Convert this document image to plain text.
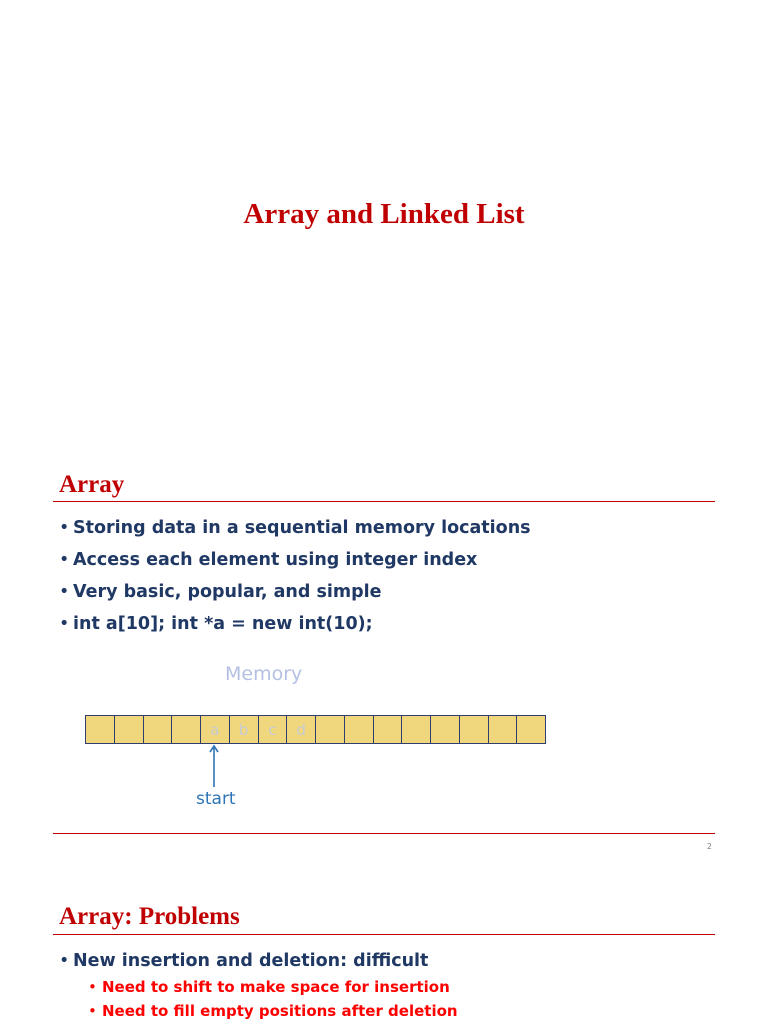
Array and Linked List
Array
• Storing data in a sequential memory locations
• Access each element using integer index
• Very basic, popular, and simple
• int a[10]; int *a = new int(10);
Memory
a	b	c	d
start
2
Array: Problems
• New insertion and deletion: difficult
• Need to shift to make space for insertion
• Need to fill empty positions after deletion
